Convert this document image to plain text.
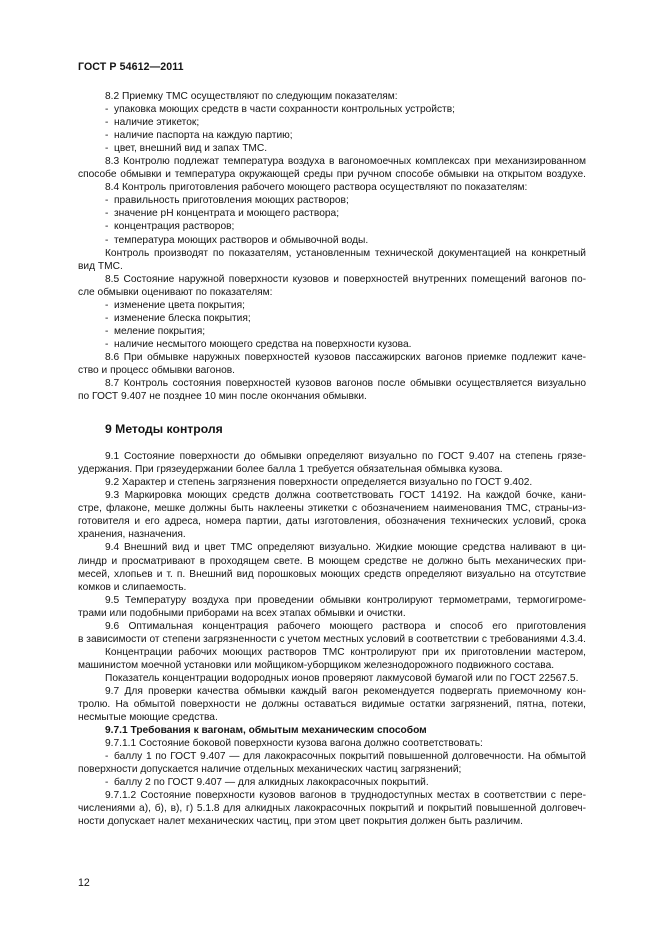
ГОСТ Р 54612—2011
8.2 Приемку ТМС осуществляют по следующим показателям:
- упаковка моющих средств в части сохранности контрольных устройств;
- наличие этикеток;
- наличие паспорта на каждую партию;
- цвет, внешний вид и запах ТМС.
8.3 Контролю подлежат температура воздуха в вагономоечных комплексах при механизированном
способе обмывки и температура окружающей среды при ручном способе обмывки на открытом воздухе.
8.4 Контроль приготовления рабочего моющего раствора осуществляют по показателям:
- правильность приготовления моющих растворов;
- значение рН концентрата и моющего раствора;
- концентрация растворов;
- температура моющих растворов и обмывочной воды.
Контроль производят по показателям, установленным технической документацией на конкретный
вид ТМС.
8.5 Состояние наружной поверхности кузовов и поверхностей внутренних помещений вагонов по-
сле обмывки оценивают по показателям:
- изменение цвета покрытия;
- изменение блеска покрытия;
- меление покрытия;
- наличие несмытого моющего средства на поверхности кузова.
8.6 При обмывке наружных поверхностей кузовов пассажирских вагонов приемке подлежит каче-
ство и процесс обмывки вагонов.
8.7 Контроль состояния поверхностей кузовов вагонов после обмывки осуществляется визуально
по ГОСТ 9.407 не позднее 10 мин после окончания обмывки.
9 Методы контроля
9.1 Состояние поверхности до обмывки определяют визуально по ГОСТ 9.407 на степень грязе-
удержания. При грязеудержании более балла 1 требуется обязательная обмывка кузова.
9.2 Характер и степень загрязнения поверхности определяется визуально по ГОСТ 9.402.
9.3 Маркировка моющих средств должна соответствовать ГОСТ 14192. На каждой бочке, кани-
стре, флаконе, мешке должны быть наклеены этикетки с обозначением наименования ТМС, страны-из-
готовителя и его адреса, номера партии, даты изготовления, обозначения технических условий, срока
хранения, назначения.
9.4 Внешний вид и цвет ТМС определяют визуально. Жидкие моющие средства наливают в ци-
линдр и просматривают в проходящем свете. В моющем средстве не должно быть механических при-
месей, хлопьев и т. п. Внешний вид порошковых моющих средств определяют визуально на отсутствие
комков и слипаемость.
9.5 Температуру воздуха при проведении обмывки контролируют термометрами, термогигроме-
трами или подобными приборами на всех этапах обмывки и очистки.
9.6 Оптимальная концентрация рабочего моющего раствора и способ его приготовления
в зависимости от степени загрязненности с учетом местных условий в соответствии с требованиями 4.3.4.
Концентрации рабочих моющих растворов ТМС контролируют при их приготовлении мастером,
машинистом моечной установки или мойщиком-уборщиком железнодорожного подвижного состава.
Показатель концентрации водородных ионов проверяют лакмусовой бумагой или по ГОСТ 22567.5.
9.7 Для проверки качества обмывки каждый вагон рекомендуется подвергать приемочному кон-
тролю. На обмытой поверхности не должны оставаться видимые остатки загрязнений, пятна, потеки,
несмытые моющие средства.
9.7.1 Требования к вагонам, обмытым механическим способом
9.7.1.1 Состояние боковой поверхности кузова вагона должно соответствовать:
- баллу 1 по ГОСТ 9.407 — для лакокрасочных покрытий повышенной долговечности. На обмытой
поверхности допускается наличие отдельных механических частиц загрязнений;
- баллу 2 по ГОСТ 9.407 — для алкидных лакокрасочных покрытий.
9.7.1.2 Состояние поверхности кузовов вагонов в труднодоступных местах в соответствии с пере-
числениями а), б), в), г) 5.1.8 для алкидных лакокрасочных покрытий и покрытий повышенной долговеч-
ности допускает налет механических частиц, при этом цвет покрытия должен быть различим.
12
